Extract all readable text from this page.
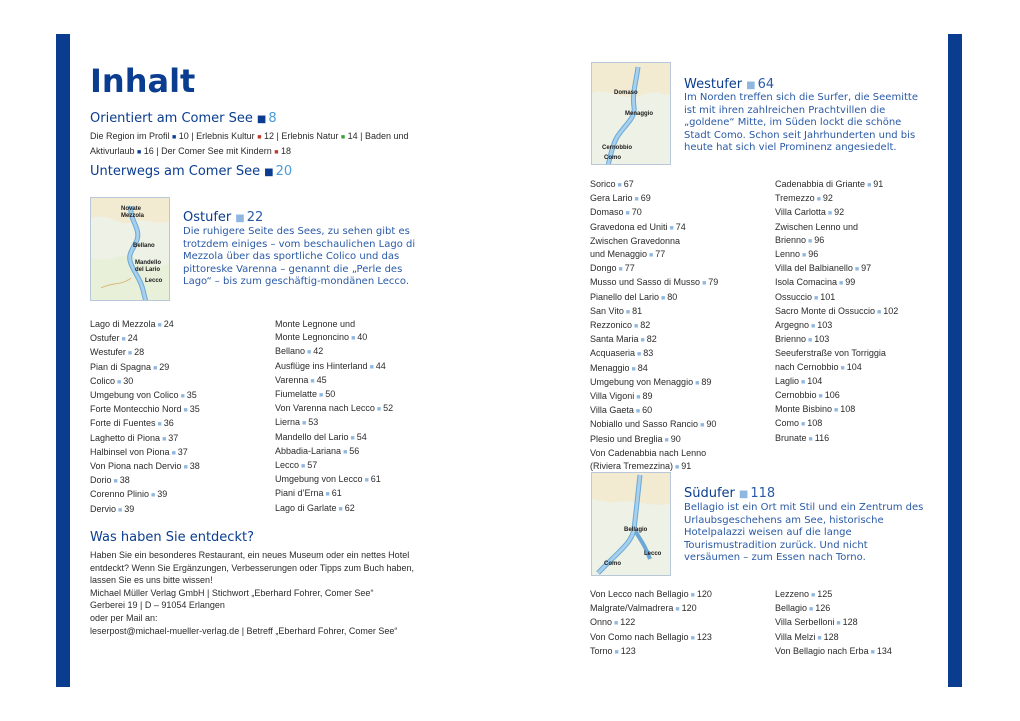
Inhalt
Orientiert am Comer See ■ 8
Die Region im Profil ■ 10 | Erlebnis Kultur ■ 12 | Erlebnis Natur ■ 14 | Baden und
Aktivurlaub ■ 16 | Der Comer See mit Kindern ■ 18
Unterwegs am Comer See ■ 20
Novate Mezzola
Bellano
Mandello del Lario
Lecco
Ostufer ■ 22

Die ruhigere Seite des Sees, zu sehen gibt es trotzdem einiges – vom beschaulichen Lago di Mezzola über das sportliche Colico und das pittoreske Varenna – genannt die „Perle des Lago“ – bis zum geschäftig-mondänen Lecco.

Lago di Mezzola ■ 24
Ostufer ■ 24
Westufer ■ 28
Pian di Spagna ■ 29
Colico ■ 30
Umgebung von Colico ■ 35
Forte Montecchio Nord ■ 35
Forte di Fuentes ■ 36
Laghetto di Piona ■ 37
Halbinsel von Piona ■ 37
Von Piona nach Dervio ■ 38
Dorio ■ 38
Corenno Plinio ■ 39
Dervio ■ 39
Monte Legnone und
Monte Legnoncino ■ 40
Bellano ■ 42
Ausflüge ins Hinterland ■ 44
Varenna ■ 45
Fiumelatte ■ 50
Von Varenna nach Lecco ■ 52
Lierna ■ 53
Mandello del Lario ■ 54
Abbadia-Lariana ■ 56
Lecco ■ 57
Umgebung von Lecco ■ 61
Piani d’Erna ■ 61
Lago di Garlate ■ 62
Was haben Sie entdeckt?
Haben Sie ein besonderes Restaurant, ein neues Museum oder ein nettes Hotel
entdeckt? Wenn Sie Ergänzungen, Verbesserungen oder Tipps zum Buch haben,
lassen Sie es uns bitte wissen!
Michael Müller Verlag GmbH | Stichwort „Eberhard Fohrer, Comer See“
Gerberei 19 | D – 91054 Erlangen
oder per Mail an:
leserpost@michael-mueller-verlag.de | Betreff „Eberhard Fohrer, Comer See“
Domaso
Menaggio
Cernobbio
Como
Westufer ■ 64

Im Norden treffen sich die Surfer, die Seemitte ist mit ihren zahlreichen Prachtvillen die „goldene“ Mitte, im Süden lockt die schöne Stadt Como. Schon seit Jahrhunderten und bis heute hat sich viel Prominenz angesiedelt.

Sorico ■ 67
Gera Lario ■ 69
Domaso ■ 70
Gravedona ed Uniti ■ 74
Zwischen Gravedonna
und Menaggio ■ 77
Dongo ■ 77
Musso und Sasso di Musso ■ 79
Pianello del Lario ■ 80
San Vito ■ 81
Rezzonico ■ 82
Santa Maria ■ 82
Acquaseria ■ 83
Menaggio ■ 84
Umgebung von Menaggio ■ 89
Villa Vigoni ■ 89
Villa Gaeta ■ 60
Nobiallo und Sasso Rancio ■ 90
Plesio und Breglia ■ 90
Von Cadenabbia nach Lenno
(Riviera Tremezzina) ■ 91
Cadenabbia di Griante ■ 91
Tremezzo ■ 92
Villa Carlotta ■ 92
Zwischen Lenno und
Brienno ■ 96
Lenno ■ 96
Villa del Balbianello ■ 97
Isola Comacina ■ 99
Ossuccio ■ 101
Sacro Monte di Ossuccio ■ 102
Argegno ■ 103
Brienno ■ 103
Seeuferstraße von Torriggia
nach Cernobbio ■ 104
Laglio ■ 104
Cernobbio ■ 106
Monte Bisbino ■ 108
Como ■ 108
Brunate ■ 116
Bellagio
Lecco
Como
Südufer ■ 118

Bellagio ist ein Ort mit Stil und ein Zentrum des Urlaubsgeschehens am See, historische Hotelpalazzi weisen auf die lange Tourismustradition zurück. Und nicht versäumen – zum Essen nach Torno.

Von Lecco nach Bellagio ■ 120
Malgrate/Valmadrera ■ 120
Onno ■ 122
Von Como nach Bellagio ■ 123
Torno ■ 123
Lezzeno ■ 125
Bellagio ■ 126
Villa Serbelloni ■ 128
Villa Melzi ■ 128
Von Bellagio nach Erba ■ 134
